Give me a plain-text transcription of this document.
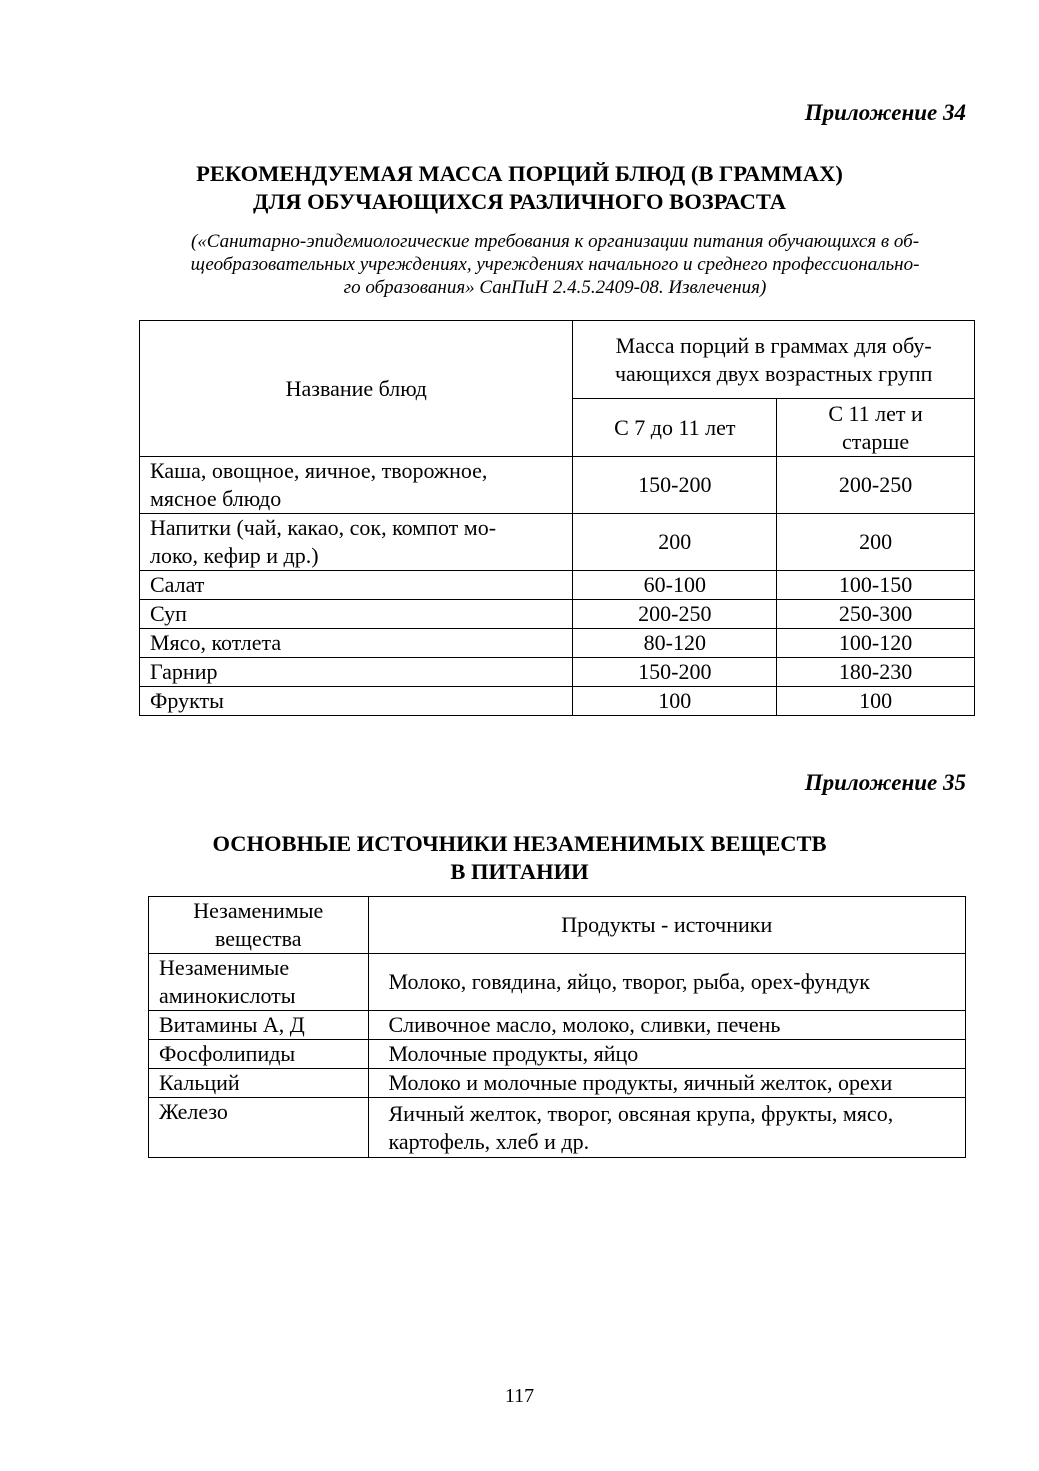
Приложение 34
РЕКОМЕНДУЕМАЯ МАССА ПОРЦИЙ БЛЮД (В ГРАММАХ)
ДЛЯ ОБУЧАЮЩИХСЯ РАЗЛИЧНОГО ВОЗРАСТА
(«Санитарно-эпидемиологические требования к организации питания обучающихся в об-
щеобразовательных учреждениях, учреждениях начального и среднего профессионально-
го образования» СанПиН 2.4.5.2409-08. Извлечения)
Название блюд	Масса порций в граммах для обу-
чающихся двух возрастных групп	

	С 7 до 11 лет	С 11 лет и
старше

Каша, овощное, яичное, творожное,
мясное блюдо	150-200	200-250

Напитки (чай, какао, сок, компот мо-
локо, кефир и др.)	200	200
Салат	60-100	100-150
Суп	200-250	250-300
Мясо, котлета	80-120	100-120
Гарнир	150-200	180-230
Фрукты	100	100
Приложение 35
ОСНОВНЫЕ ИСТОЧНИКИ НЕЗАМЕНИМЫХ ВЕЩЕСТВ
В ПИТАНИИ
Незаменимые
вещества	Продукты - источники

Незаменимые
аминокислоты	Молоко, говядина, яйцо, творог, рыба, орех-фундук
Витамины А, Д	Сливочное масло, молоко, сливки, печень
Фосфолипиды	Молочные продукты, яйцо
Кальций	Молоко и молочные продукты, яичный желток, орехи
Железо	Яичный желток, творог, овсяная крупа, фрукты, мясо,
картофель, хлеб и др.
117
